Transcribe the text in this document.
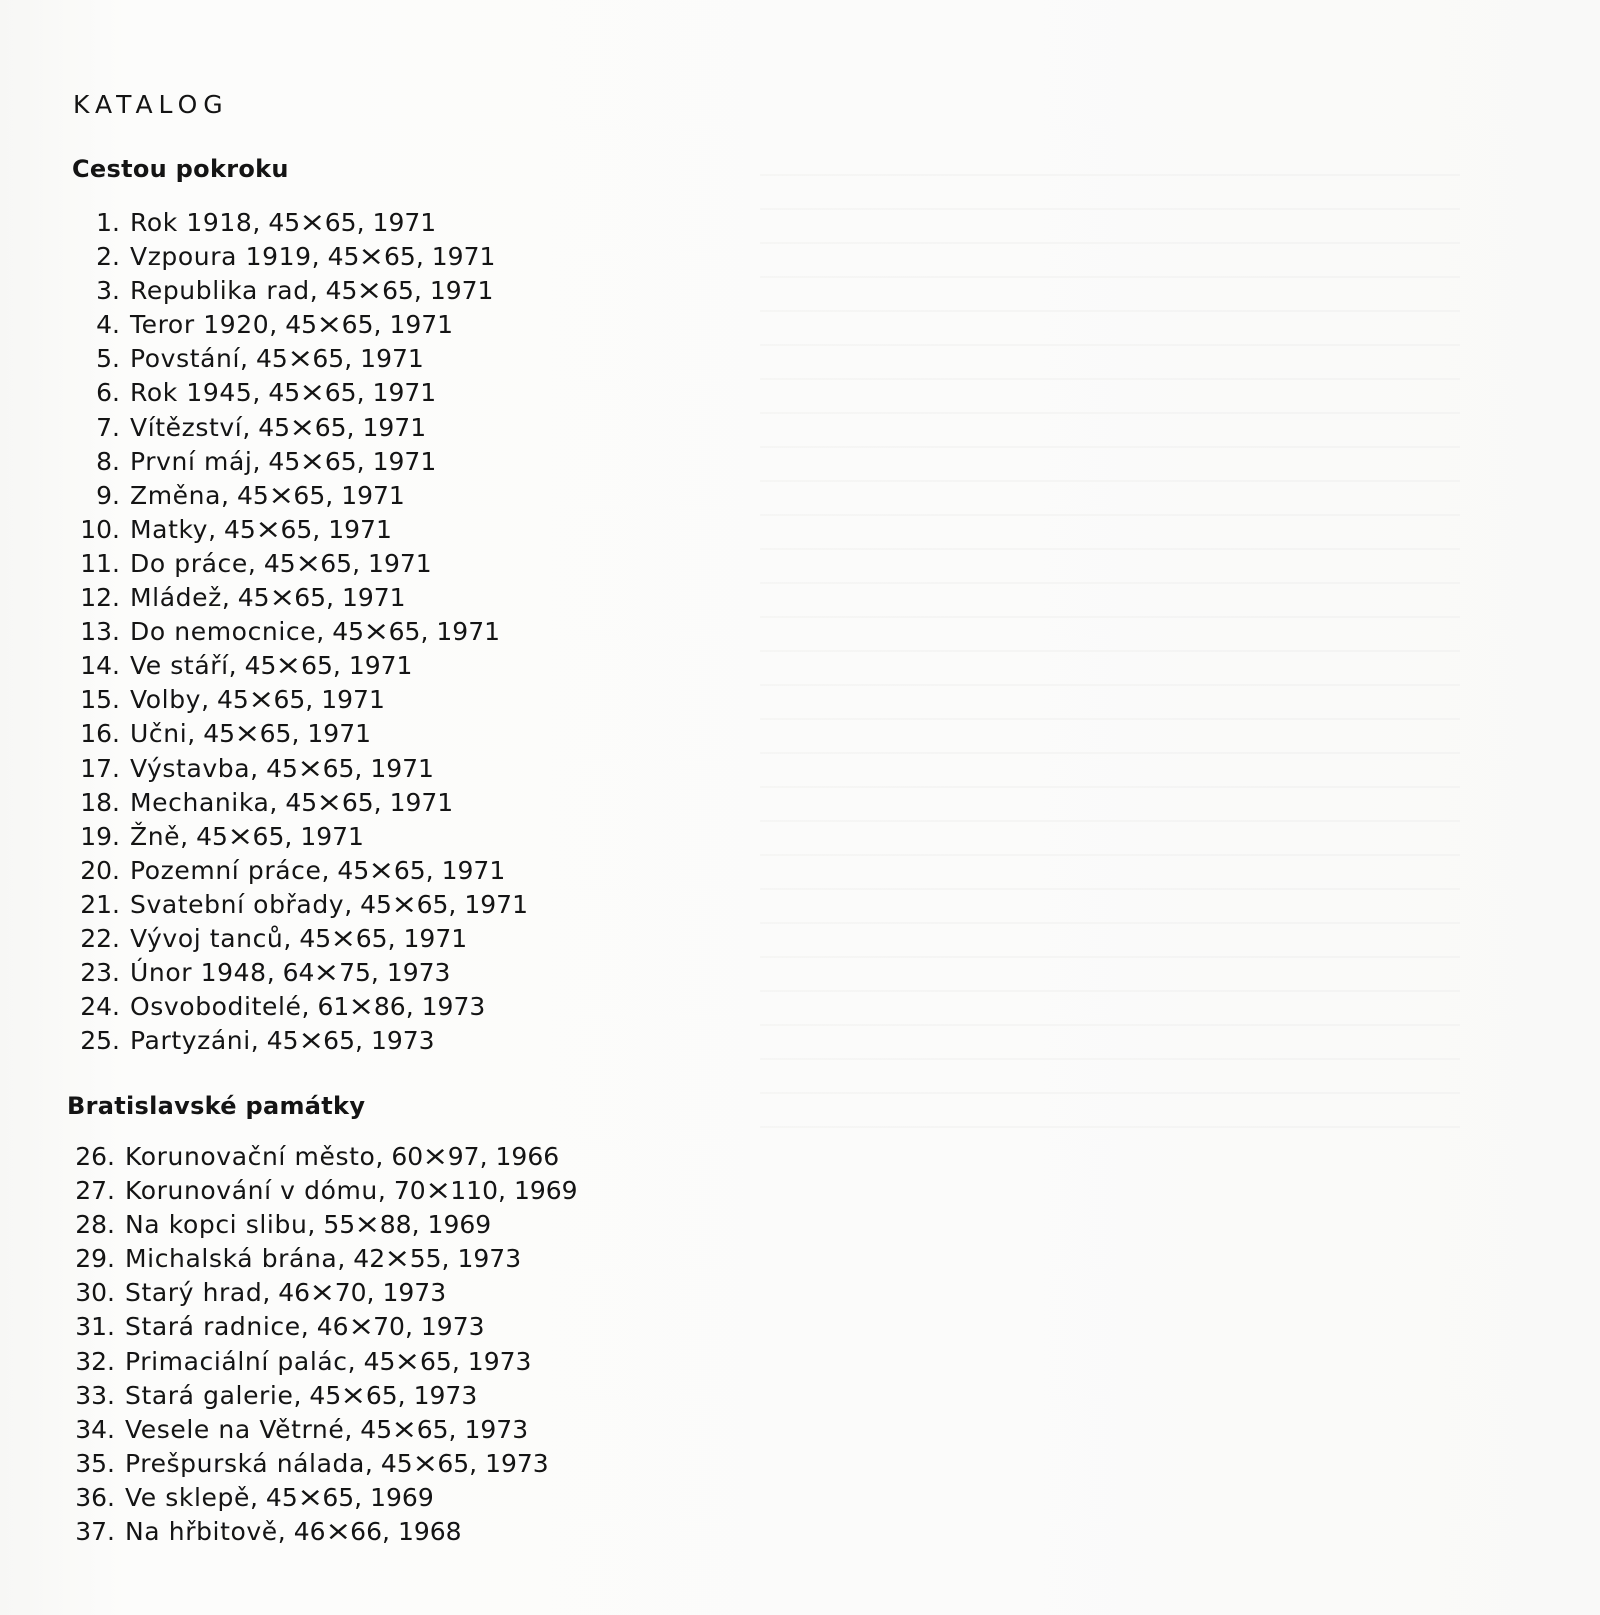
KATALOG
Cestou pokroku
1. Rok 1918 , 45 × 65 , 1971
2. Vzpoura 1919 , 45 × 65 , 1971
3. Republika rad , 45 × 65 , 1971
4. Teror 1920 , 45 × 65 , 1971
5. Povstání , 45 × 65 , 1971
6. Rok 1945 , 45 × 65 , 1971
7. Vítězství , 45 × 65 , 1971
8. První máj , 45 × 65 , 1971
9. Změna , 45 × 65 , 1971
10. Matky , 45 × 65 , 1971
11. Do práce , 45 × 65 , 1971
12. Mládež , 45 × 65 , 1971
13. Do nemocnice , 45 × 65 , 1971
14. Ve stáří , 45 × 65 , 1971
15. Volby , 45 × 65 , 1971
16. Učni , 45 × 65 , 1971
17. Výstavba , 45 × 65 , 1971
18. Mechanika , 45 × 65 , 1971
19. Žně , 45 × 65 , 1971
20. Pozemní práce , 45 × 65 , 1971
21. Svatební obřady , 45 × 65 , 1971
22. Vývoj tanců , 45 × 65 , 1971
23. Únor 1948 , 64 × 75 , 1973
24. Osvoboditelé , 61 × 86 , 1973
25. Partyzáni , 45 × 65 , 1973
Bratislavské památky
26. Korunovační město , 60 × 97 , 1966
27. Korunování v dómu , 70 × 110 , 1969
28. Na kopci slibu , 55 × 88 , 1969
29. Michalská brána , 42 × 55 , 1973
30. Starý hrad , 46 × 70 , 1973
31. Stará radnice , 46 × 70 , 1973
32. Primaciální palác , 45 × 65 , 1973
33. Stará galerie , 45 × 65 , 1973
34. Vesele na Větrné , 45 × 65 , 1973
35. Prešpurská nálada , 45 × 65 , 1973
36. Ve sklepě , 45 × 65 , 1969
37. Na hřbitově , 46 × 66 , 1968
